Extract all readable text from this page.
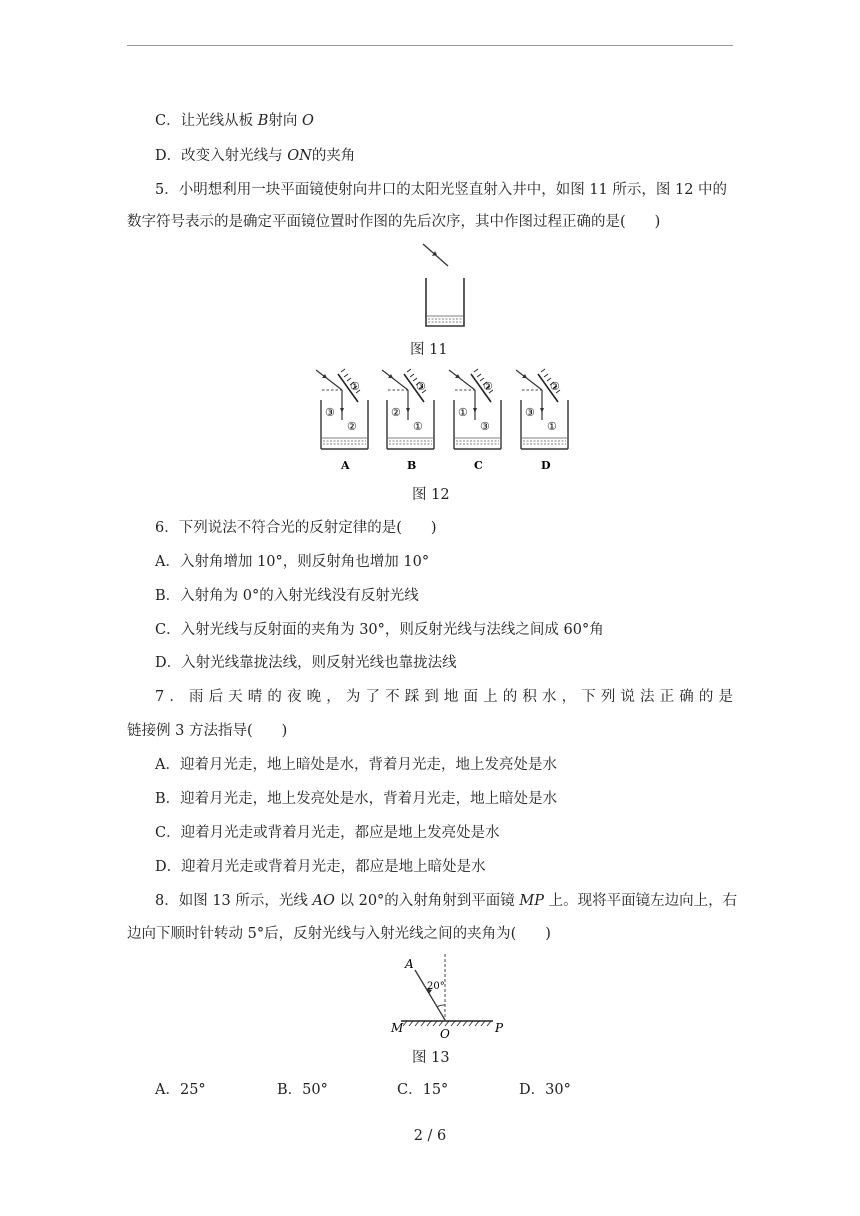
C．让光线从板 B射向 O
D．改变入射光线与 ON的夹角
5．小明想利用一块平面镜使射向井口的太阳光竖直射入井中，如图 11 所示，图 12 中的
数字符号表示的是确定平面镜位置时作图的先后次序，其中作图过程正确的是(　　)
图 11
①
③
②
A
③
②
①
B
②
①
③
C
②
③
①
D
图 12
6．下列说法不符合光的反射定律的是(　　)
A．入射角增加 10°，则反射角也增加 10°
B．入射角为 0°的入射光线没有反射光线
C．入射光线与反射面的夹角为 30°，则反射光线与法线之间成 60°角
D．入射光线靠拢法线，则反射光线也靠拢法线
7．雨后天晴的夜晚，为了不踩到地面上的积水，下列说法正确的是
链接例 3 方法指导(　　)
A．迎着月光走，地上暗处是水，背着月光走，地上发亮处是水
B．迎着月光走，地上发亮处是水，背着月光走，地上暗处是水
C．迎着月光走或背着月光走，都应是地上发亮处是水
D．迎着月光走或背着月光走，都应是地上暗处是水
8．如图 13 所示，光线 AO 以 20°的入射角射到平面镜 MP 上。现将平面镜左边向上，右
边向下顺时针转动 5°后，反射光线与入射光线之间的夹角为(　　)
A
20°
M	O	P
图 13
A．25°	B．50°	C．15°	D．30°
2 / 6
